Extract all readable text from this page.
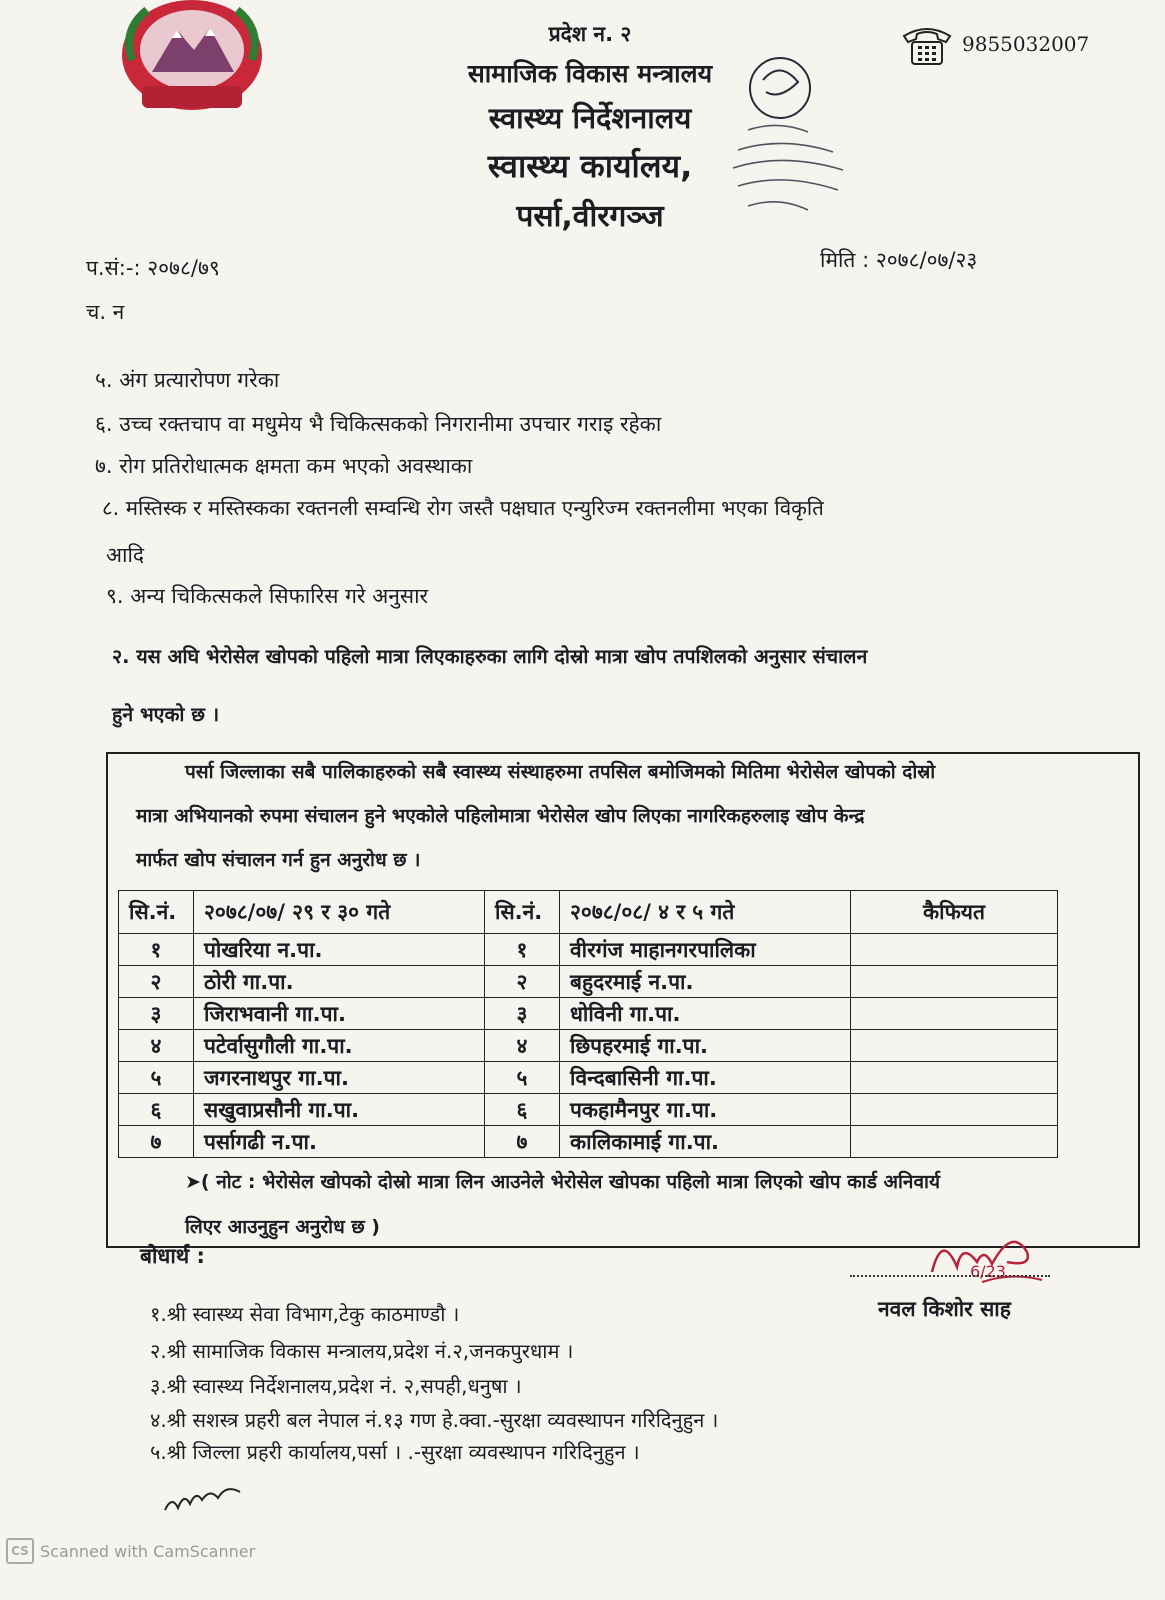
प्रदेश न. २
सामाजिक विकास मन्त्रालय
स्वास्थ्य निर्देशनालय
स्वास्थ्य कार्यालय,
पर्सा,वीरगञ्ज
9855032007
प.सं:-: २०७८/७९
च. न
मिति : २०७८/०७/२३
५. अंग प्रत्यारोपण गरेका
६. उच्च रक्तचाप वा मधुमेय भै चिकित्सकको निगरानीमा उपचार गराइ रहेका
७. रोग प्रतिरोधात्मक क्षमता कम भएको अवस्थाका
८. मस्तिस्क र मस्तिस्कका रक्तनली सम्वन्धि रोग जस्तै पक्षघात एन्युरिज्म रक्तनलीमा भएका विकृति
आदि
९. अन्य चिकित्सकले सिफारिस गरे अनुसार
२. यस अघि भेरोसेल खोपको पहिलो मात्रा लिएकाहरुका लागि दोस्रो मात्रा खोप तपशिलको अनुसार संचालन
हुने भएको छ ।
पर्सा जिल्लाका सबै पालिकाहरुको सबै स्वास्थ्य संस्थाहरुमा तपसिल बमोजिमको मितिमा भेरोसेल खोपको दोस्रो
मात्रा अभियानको रुपमा संचालन हुने भएकोले पहिलोमात्रा भेरोसेल खोप लिएका नागरिकहरुलाइ खोप केन्द्र
मार्फत खोप संचालन गर्न हुन अनुरोध छ ।
सि.नं.	२०७८/०७/ २९ र ३० गते	सि.नं.	२०७८/०८/ ४ र ५ गते	कैफियत
१	पोखरिया न.पा.	१	वीरगंज माहानगरपालिका	
२	ठोरी गा.पा.	२	बहुदरमाई न.पा.	
३	जिराभवानी गा.पा.	३	धोविनी गा.पा.	
४	पटेर्वासुगौली गा.पा.	४	छिपहरमाई गा.पा.	
५	जगरनाथपुर गा.पा.	५	विन्दबासिनी गा.पा.	
६	सखुवाप्रसौनी गा.पा.	६	पकहामैनपुर गा.पा.	
७	पर्सागढी न.पा.	७	कालिकामाई गा.पा.	
➤( नोट : भेरोसेल खोपको दोस्रो मात्रा लिन आउनेले भेरोसेल खोपका पहिलो मात्रा लिएको खोप कार्ड अनिवार्य
लिएर आउनुहुन अनुरोध छ )
बोधार्थ :
१.श्री स्वास्थ्य सेवा विभाग,टेकु काठमाण्डौ ।
२.श्री सामाजिक विकास मन्त्रालय,प्रदेश नं.२,जनकपुरधाम ।
३.श्री स्वास्थ्य निर्देशनालय,प्रदेश नं. २,सपही,धनुषा ।
४.श्री सशस्त्र प्रहरी बल नेपाल नं.१३ गण हे.क्वा.-सुरक्षा व्यवस्थापन गरिदिनुहुन ।
५.श्री जिल्ला प्रहरी कार्यालय,पर्सा । .-सुरक्षा व्यवस्थापन गरिदिनुहुन ।
6/23
नवल किशोर साह
CS Scanned with CamScanner
